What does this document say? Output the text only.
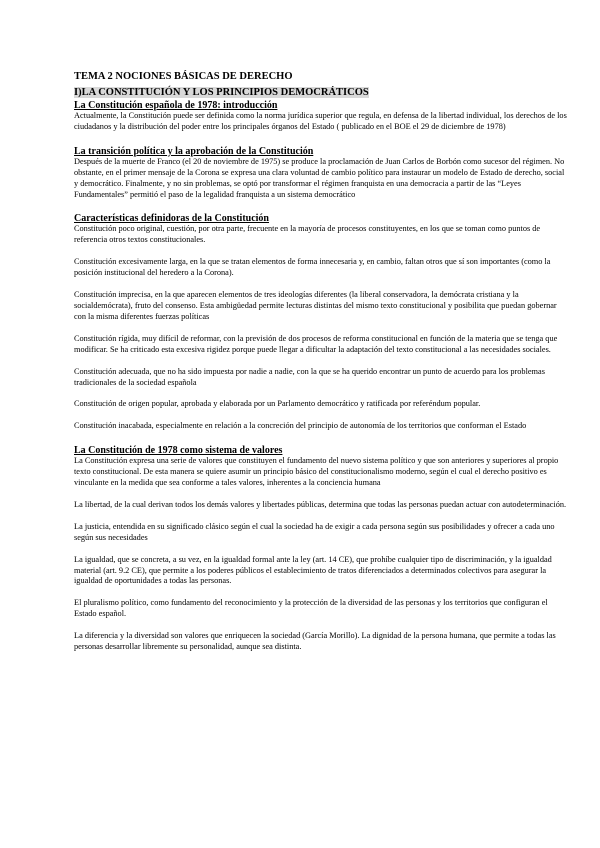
TEMA 2 NOCIONES BÁSICAS DE DERECHO
I)LA CONSTITUCIÓN Y LOS PRINCIPIOS DEMOCRÁTICOS
La Constitución española de 1978: introducción

Actualmente, la Constitución puede ser definida como la norma jurídica superior que regula, en defensa de la libertad individual, los derechos de los ciudadanos y la distribución del poder entre los principales órganos del Estado ( publicado en el BOE el 29 de diciembre de 1978)

La transición política y la aprobación de la Constitución

Después de la muerte de Franco (el 20 de noviembre de 1975) se produce la proclamación de Juan Carlos de Borbón como sucesor del régimen. No obstante, en el primer mensaje de la Corona se expresa una clara voluntad de cambio político para instaurar un modelo de Estado de derecho, social y democrático. Finalmente, y no sin problemas, se optó por transformar el régimen franquista en una democracia a partir de las “Leyes Fundamentales” permitió el paso de la legalidad franquista a un sistema democrático

Características definidoras de la Constitución

Constitución poco original, cuestión, por otra parte, frecuente en la mayoría de procesos constituyentes, en los que se toman como puntos de referencia otros textos constitucionales.

Constitución excesivamente larga, en la que se tratan elementos de forma innecesaria y, en cambio, faltan otros que sí son importantes (como la posición institucional del heredero a la Corona).

Constitución imprecisa, en la que aparecen elementos de tres ideologías diferentes (la liberal conservadora, la demócrata cristiana y la socialdemócrata), fruto del consenso. Esta ambigüedad permite lecturas distintas del mismo texto constitucional y posibilita que puedan gobernar con la misma diferentes fuerzas políticas

Constitución rígida, muy difícil de reformar, con la previsión de dos procesos de reforma constitucional en función de la materia que se tenga que modificar. Se ha criticado esta excesiva rigidez porque puede llegar a dificultar la adaptación del texto constitucional a las necesidades sociales.

Constitución adecuada, que no ha sido impuesta por nadie a nadie, con la que se ha querido encontrar un punto de acuerdo para los problemas tradicionales de la sociedad española

Constitución de origen popular, aprobada y elaborada por un Parlamento democrático y ratificada por referéndum popular.

Constitución inacabada, especialmente en relación a la concreción del principio de autonomía de los territorios que conforman el Estado

La Constitución de 1978 como sistema de valores

La Constitución expresa una serie de valores que constituyen el fundamento del nuevo sistema político y que son anteriores y superiores al propio texto constitucional. De esta manera se quiere asumir un principio básico del constitucionalismo moderno, según el cual el derecho positivo es vinculante en la medida que sea conforme a tales valores, inherentes a la conciencia humana

La libertad, de la cual derivan todos los demás valores y libertades públicas, determina que todas las personas puedan actuar con autodeterminación.

La justicia, entendida en su significado clásico según el cual la sociedad ha de exigir a cada persona según sus posibilidades y ofrecer a cada uno según sus necesidades

La igualdad, que se concreta, a su vez, en la igualdad formal ante la ley (art. 14 CE), que prohíbe cualquier tipo de discriminación, y la igualdad material (art. 9.2 CE), que permite a los poderes públicos el establecimiento de tratos diferenciados a determinados colectivos para asegurar la igualdad de oportunidades a todas las personas.

El pluralismo político, como fundamento del reconocimiento y la protección de la diversidad de las personas y los territorios que configuran el Estado español.

La diferencia y la diversidad son valores que enriquecen la sociedad (García Morillo). La dignidad de la persona humana, que permite a todas las personas desarrollar libremente su personalidad, aunque sea distinta.
